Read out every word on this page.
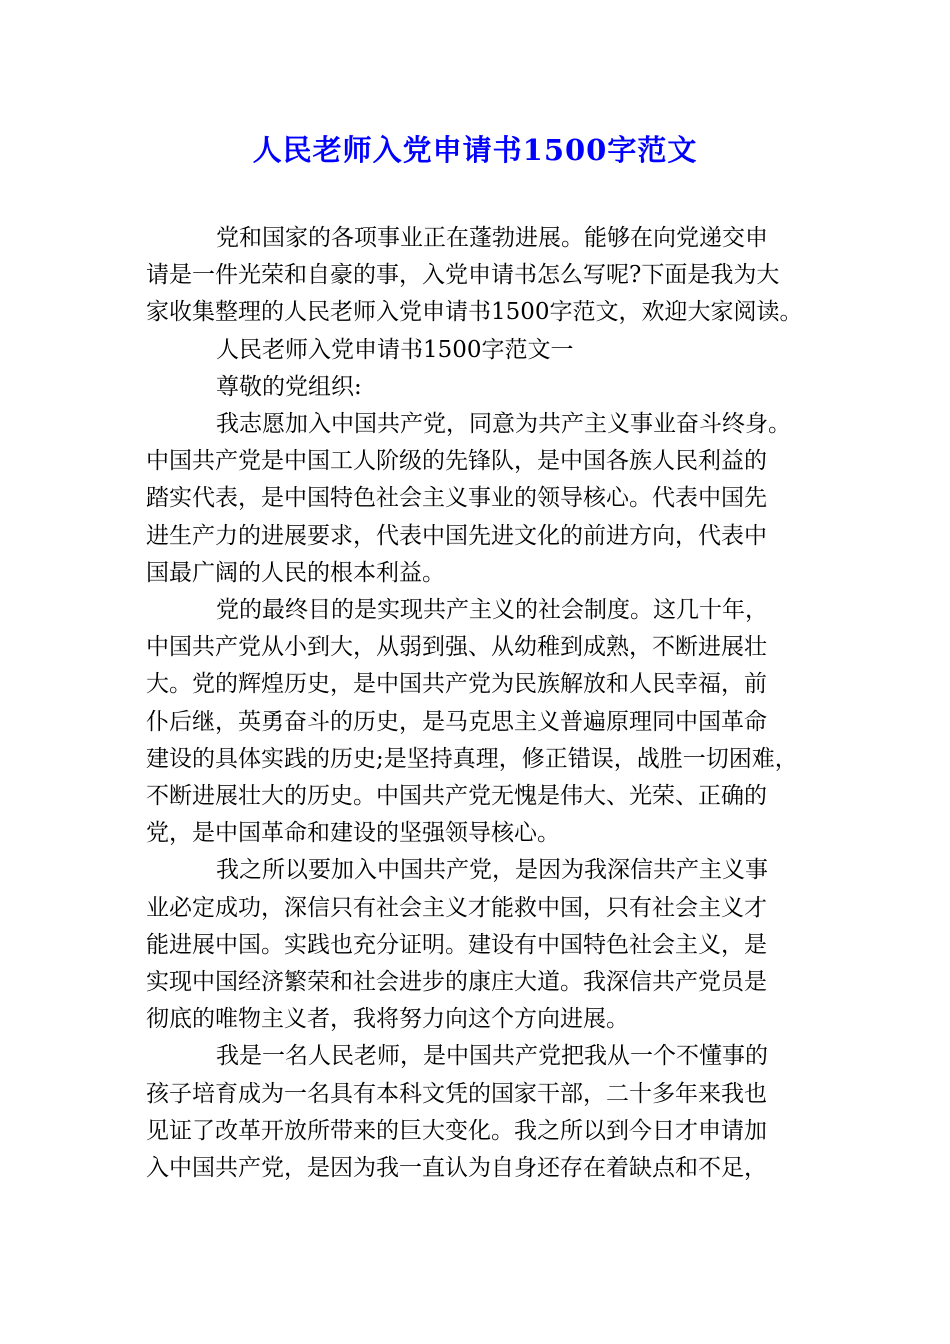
人民老师入党申请书1500字范文

党和国家的各项事业正在蓬勃进展。能够在向党递交申
请是一件光荣和自豪的事，入党申请书怎么写呢?下面是我为大
家收集整理的人民老师入党申请书1500字范文，欢迎大家阅读。

人民老师入党申请书1500字范文一

尊敬的党组织:

我志愿加入中国共产党，同意为共产主义事业奋斗终身。
中国共产党是中国工人阶级的先锋队，是中国各族人民利益的
踏实代表，是中国特色社会主义事业的领导核心。代表中国先
进生产力的进展要求，代表中国先进文化的前进方向，代表中
国最广阔的人民的根本利益。

党的最终目的是实现共产主义的社会制度。这几十年，
中国共产党从小到大，从弱到强、从幼稚到成熟，不断进展壮
大。党的辉煌历史，是中国共产党为民族解放和人民幸福，前
仆后继，英勇奋斗的历史，是马克思主义普遍原理同中国革命
建设的具体实践的历史;是坚持真理，修正错误，战胜一切困难，
不断进展壮大的历史。中国共产党无愧是伟大、光荣、正确的
党，是中国革命和建设的坚强领导核心。

我之所以要加入中国共产党，是因为我深信共产主义事
业必定成功，深信只有社会主义才能救中国，只有社会主义才
能进展中国。实践也充分证明。建设有中国特色社会主义，是
实现中国经济繁荣和社会进步的康庄大道。我深信共产党员是
彻底的唯物主义者，我将努力向这个方向进展。

我是一名人民老师，是中国共产党把我从一个不懂事的
孩子培育成为一名具有本科文凭的国家干部，二十多年来我也
见证了改革开放所带来的巨大变化。我之所以到今日才申请加
入中国共产党，是因为我一直认为自身还存在着缺点和不足，
